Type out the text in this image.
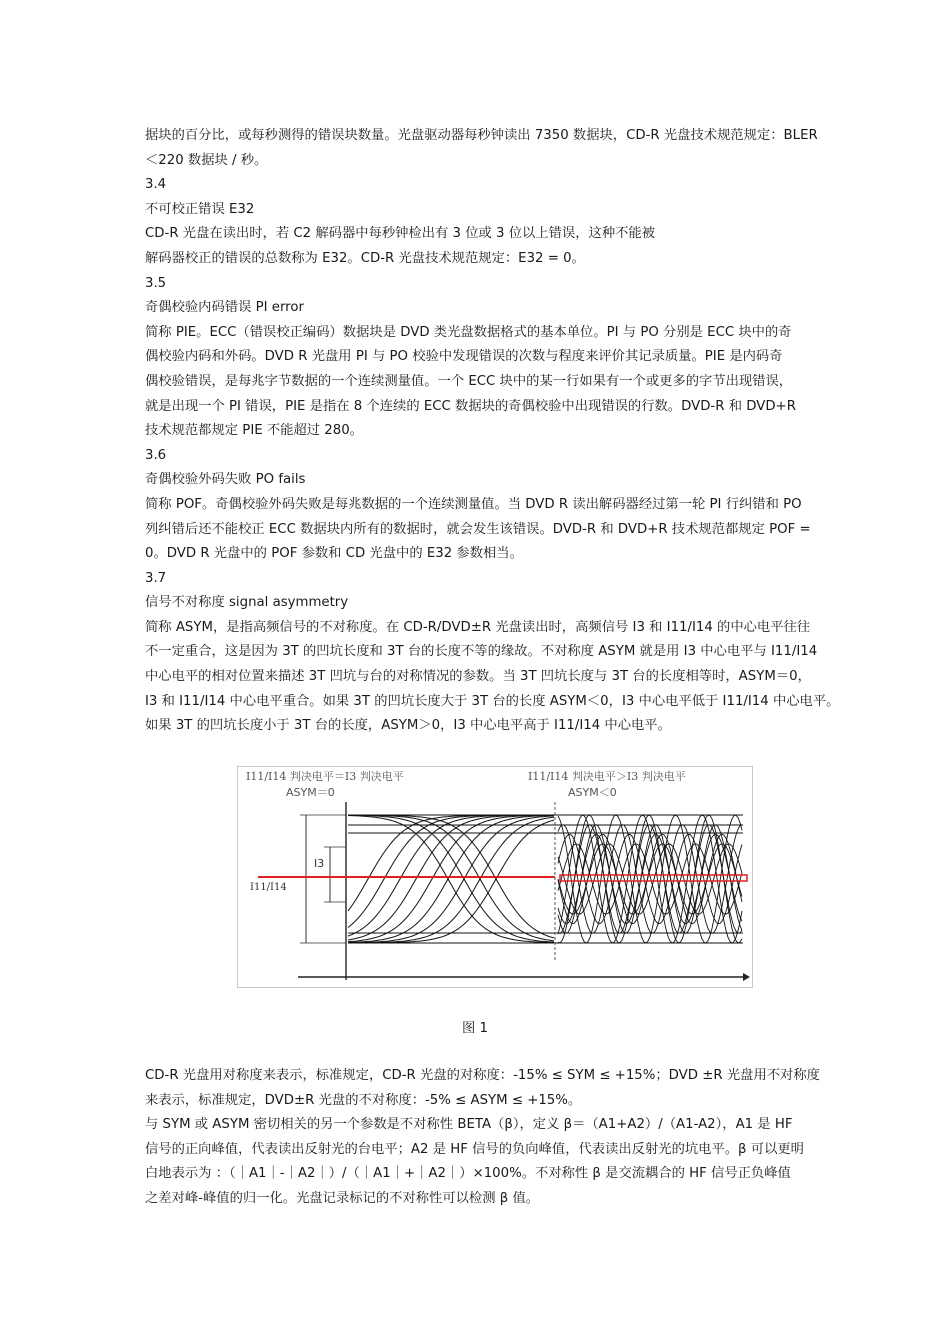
据块的百分比，或每秒测得的错误块数量。光盘驱动器每秒钟读出 7350 数据块，CD-R 光盘技术规范规定：BLER

＜220 数据块 / 秒。

3.4

不可校正错误 E32

CD-R 光盘在读出时，若 C2 解码器中每秒钟检出有 3 位或 3 位以上错误，这种不能被

解码器校正的错误的总数称为 E32。CD-R 光盘技术规范规定：E32 = 0。

3.5

奇偶校验内码错误 PI error

简称 PIE。ECC（错误校正编码）数据块是 DVD 类光盘数据格式的基本单位。PI 与 PO 分别是 ECC 块中的奇

偶校验内码和外码。DVD R 光盘用 PI 与 PO 校验中发现错误的次数与程度来评价其记录质量。PIE 是内码奇

偶校验错误，是每兆字节数据的一个连续测量值。一个 ECC 块中的某一行如果有一个或更多的字节出现错误，

就是出现一个 PI 错误，PIE 是指在 8 个连续的 ECC 数据块的奇偶校验中出现错误的行数。DVD-R 和 DVD+R

技术规范都规定 PIE 不能超过 280。

3.6

奇偶校验外码失败 PO fails

简称 POF。奇偶校验外码失败是每兆数据的一个连续测量值。当 DVD R 读出解码器经过第一轮 PI 行纠错和 PO

列纠错后还不能校正 ECC 数据块内所有的数据时，就会发生该错误。DVD-R 和 DVD+R 技术规范都规定 POF =

0。DVD R 光盘中的 POF 参数和 CD 光盘中的 E32 参数相当。

3.7

信号不对称度 signal asymmetry

简称 ASYM，是指高频信号的不对称度。在 CD-R/DVD±R 光盘读出时，高频信号 I3 和 I11/I14 的中心电平往往

不一定重合，这是因为 3T 的凹坑长度和 3T 台的长度不等的缘故。不对称度 ASYM 就是用 I3 中心电平与 I11/I14

中心电平的相对位置来描述 3T 凹坑与台的对称情况的参数。当 3T 凹坑长度与 3T 台的长度相等时，ASYM＝0，

I3 和 I11/I14 中心电平重合。如果 3T 的凹坑长度大于 3T 台的长度 ASYM＜0，I3 中心电平低于 I11/I14 中心电平。

如果 3T 的凹坑长度小于 3T 台的长度，ASYM＞0，I3 中心电平高于 I11/I14 中心电平。

I11/I14 判决电平＝I3 判决电平
ASYM＝0
I11/I14 判决电平＞I3 判决电平
ASYM＜0
I3
I11/I14
图 1

CD-R 光盘用对称度来表示，标准规定，CD-R 光盘的对称度：-15% ≤ SYM ≤ +15%；DVD ±R 光盘用不对称度

来表示，标准规定，DVD±R 光盘的不对称度：-5% ≤ ASYM ≤ +15%。

与 SYM 或 ASYM 密切相关的另一个参数是不对称性 BETA（β），定义 β＝（A1+A2）/（A1-A2），A1 是 HF

信号的正向峰值，代表读出反射光的台电平；A2 是 HF 信号的负向峰值，代表读出反射光的坑电平。β 可以更明

白地表示为 ：（｜A1｜-｜A2｜）/（｜A1｜+｜A2｜）×100%。不对称性 β 是交流耦合的 HF 信号正负峰值

之差对峰-峰值的归一化。光盘记录标记的不对称性可以检测 β 值。
